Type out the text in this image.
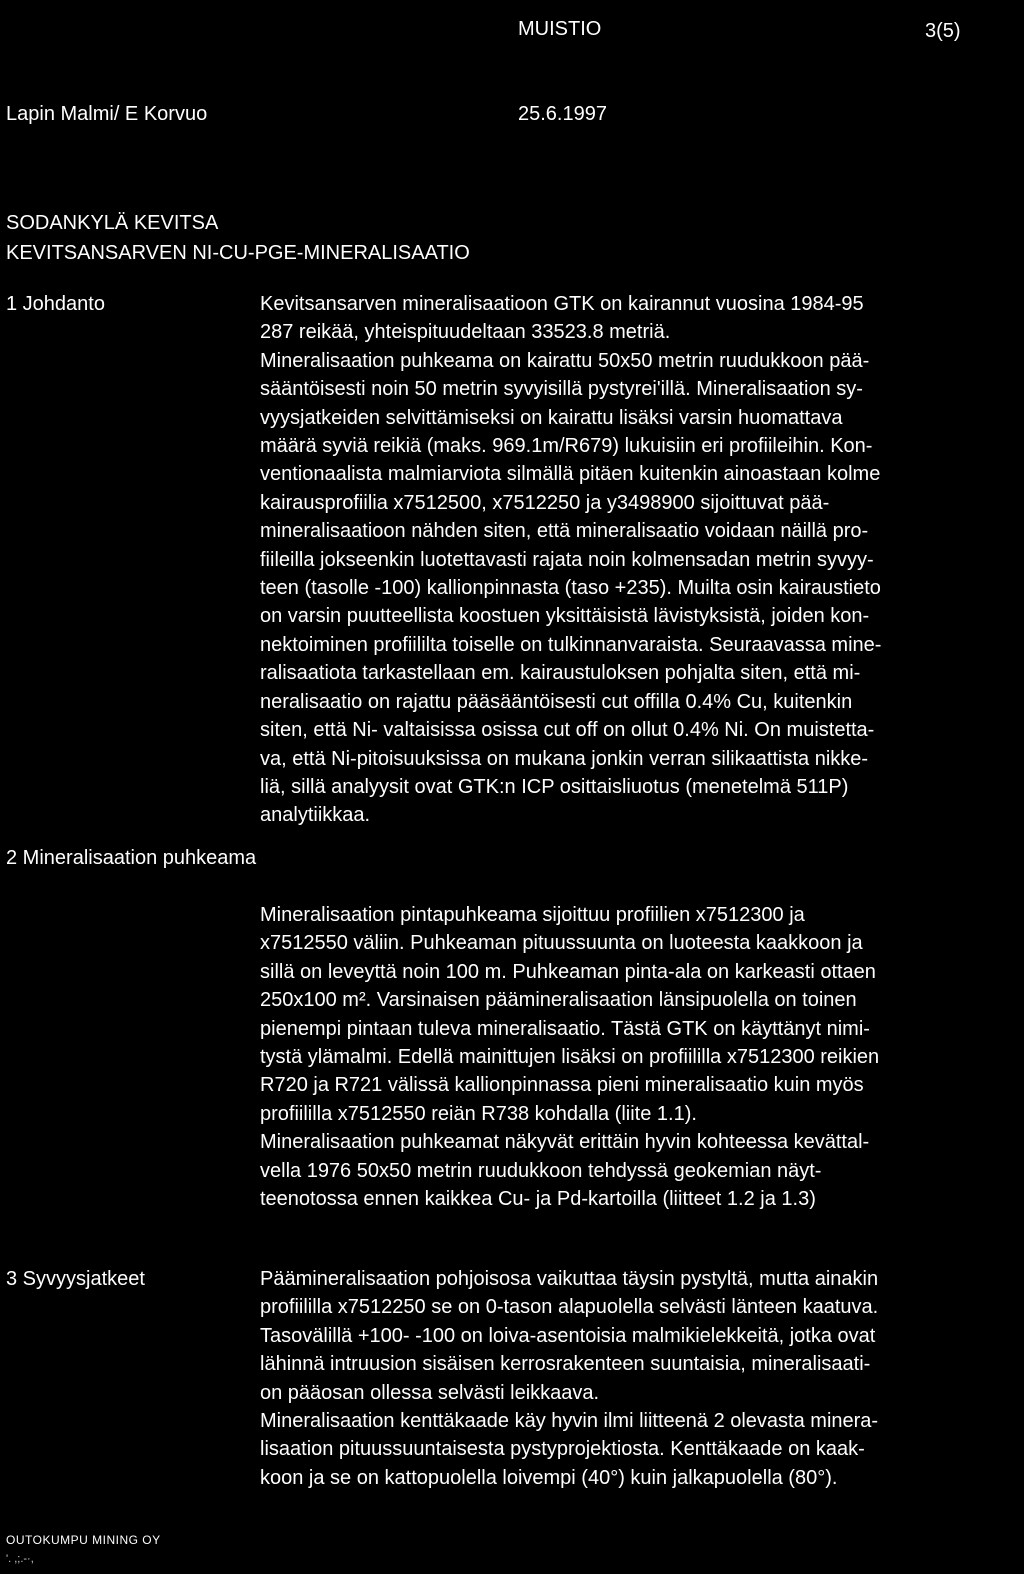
MUISTIO	3(5)
Lapin Malmi/ E Korvuo	25.6.1997
SODANKYLÄ KEVITSA
KEVITSANSARVEN NI-CU-PGE-MINERALISAATIO
1 Johdanto	Kevitsansarven mineralisaatioon GTK on kairannut vuosina 1984-95
287 reikää, yhteispituudeltaan 33523.8 metriä.
Mineralisaation puhkeama on kairattu 50x50 metrin ruudukkoon pää-
sääntöisesti noin 50 metrin syvyisillä pystyrei'illä. Mineralisaation sy-
vyysjatkeiden selvittämiseksi on kairattu lisäksi varsin huomattava
määrä syviä reikiä (maks. 969.1m/R679) lukuisiin eri profiileihin. Kon-
ventionaalista malmiarviota silmällä pitäen kuitenkin ainoastaan kolme
kairausprofiilia x7512500, x7512250 ja y3498900 sijoittuvat pää-
mineralisaatioon nähden siten, että mineralisaatio voidaan näillä pro-
fiileilla jokseenkin luotettavasti rajata noin kolmensadan metrin syvyy-
teen (tasolle -100) kallionpinnasta (taso +235). Muilta osin kairaustieto
on varsin puutteellista koostuen yksittäisistä lävistyksistä, joiden kon-
nektoiminen profiililta toiselle on tulkinnanvaraista. Seuraavassa mine-
ralisaatiota tarkastellaan em. kairaustuloksen pohjalta siten, että mi-
neralisaatio on rajattu pääsääntöisesti cut offilla 0.4% Cu, kuitenkin
siten, että Ni- valtaisissa osissa cut off on ollut 0.4% Ni. On muistetta-
va, että Ni-pitoisuuksissa on mukana jonkin verran silikaattista nikke-
liä, sillä analyysit ovat GTK:n ICP osittaisliuotus (menetelmä 511P)
analytiikkaa.
2 Mineralisaation puhkeama
Mineralisaation pintapuhkeama sijoittuu profiilien x7512300 ja
x7512550 väliin. Puhkeaman pituussuunta on luoteesta kaakkoon ja
sillä on leveyttä noin 100 m. Puhkeaman pinta-ala on karkeasti ottaen
250x100 m². Varsinaisen päämineralisaation länsipuolella on toinen
pienempi pintaan tuleva mineralisaatio. Tästä GTK on käyttänyt nimi-
tystä ylämalmi. Edellä mainittujen lisäksi on profiililla x7512300 reikien
R720 ja R721 välissä kallionpinnassa pieni mineralisaatio kuin myös
profiililla x7512550 reiän R738 kohdalla (liite 1.1).
Mineralisaation puhkeamat näkyvät erittäin hyvin kohteessa kevättal-
vella 1976 50x50 metrin ruudukkoon tehdyssä geokemian näyt-
teenotossa ennen kaikkea Cu- ja Pd-kartoilla (liitteet 1.2 ja 1.3)
3 Syvyysjatkeet	Päämineralisaation pohjoisosa vaikuttaa täysin pystyltä, mutta ainakin
profiililla x7512250 se on 0-tason alapuolella selvästi länteen kaatuva.
Tasovälillä +100- -100 on loiva-asentoisia malmikielekkeitä, jotka ovat
lähinnä intruusion sisäisen kerrosrakenteen suuntaisia, mineralisaati-
on pääosan ollessa selvästi leikkaava.
Mineralisaation kenttäkaade käy hyvin ilmi liitteenä 2 olevasta minera-
lisaation pituussuuntaisesta pystyprojektiosta. Kenttäkaade on kaak-
koon ja se on kattopuolella loivempi (40°) kuin jalkapuolella (80°).
OUTOKUMPU MINING OY
'. ,;.-·,
